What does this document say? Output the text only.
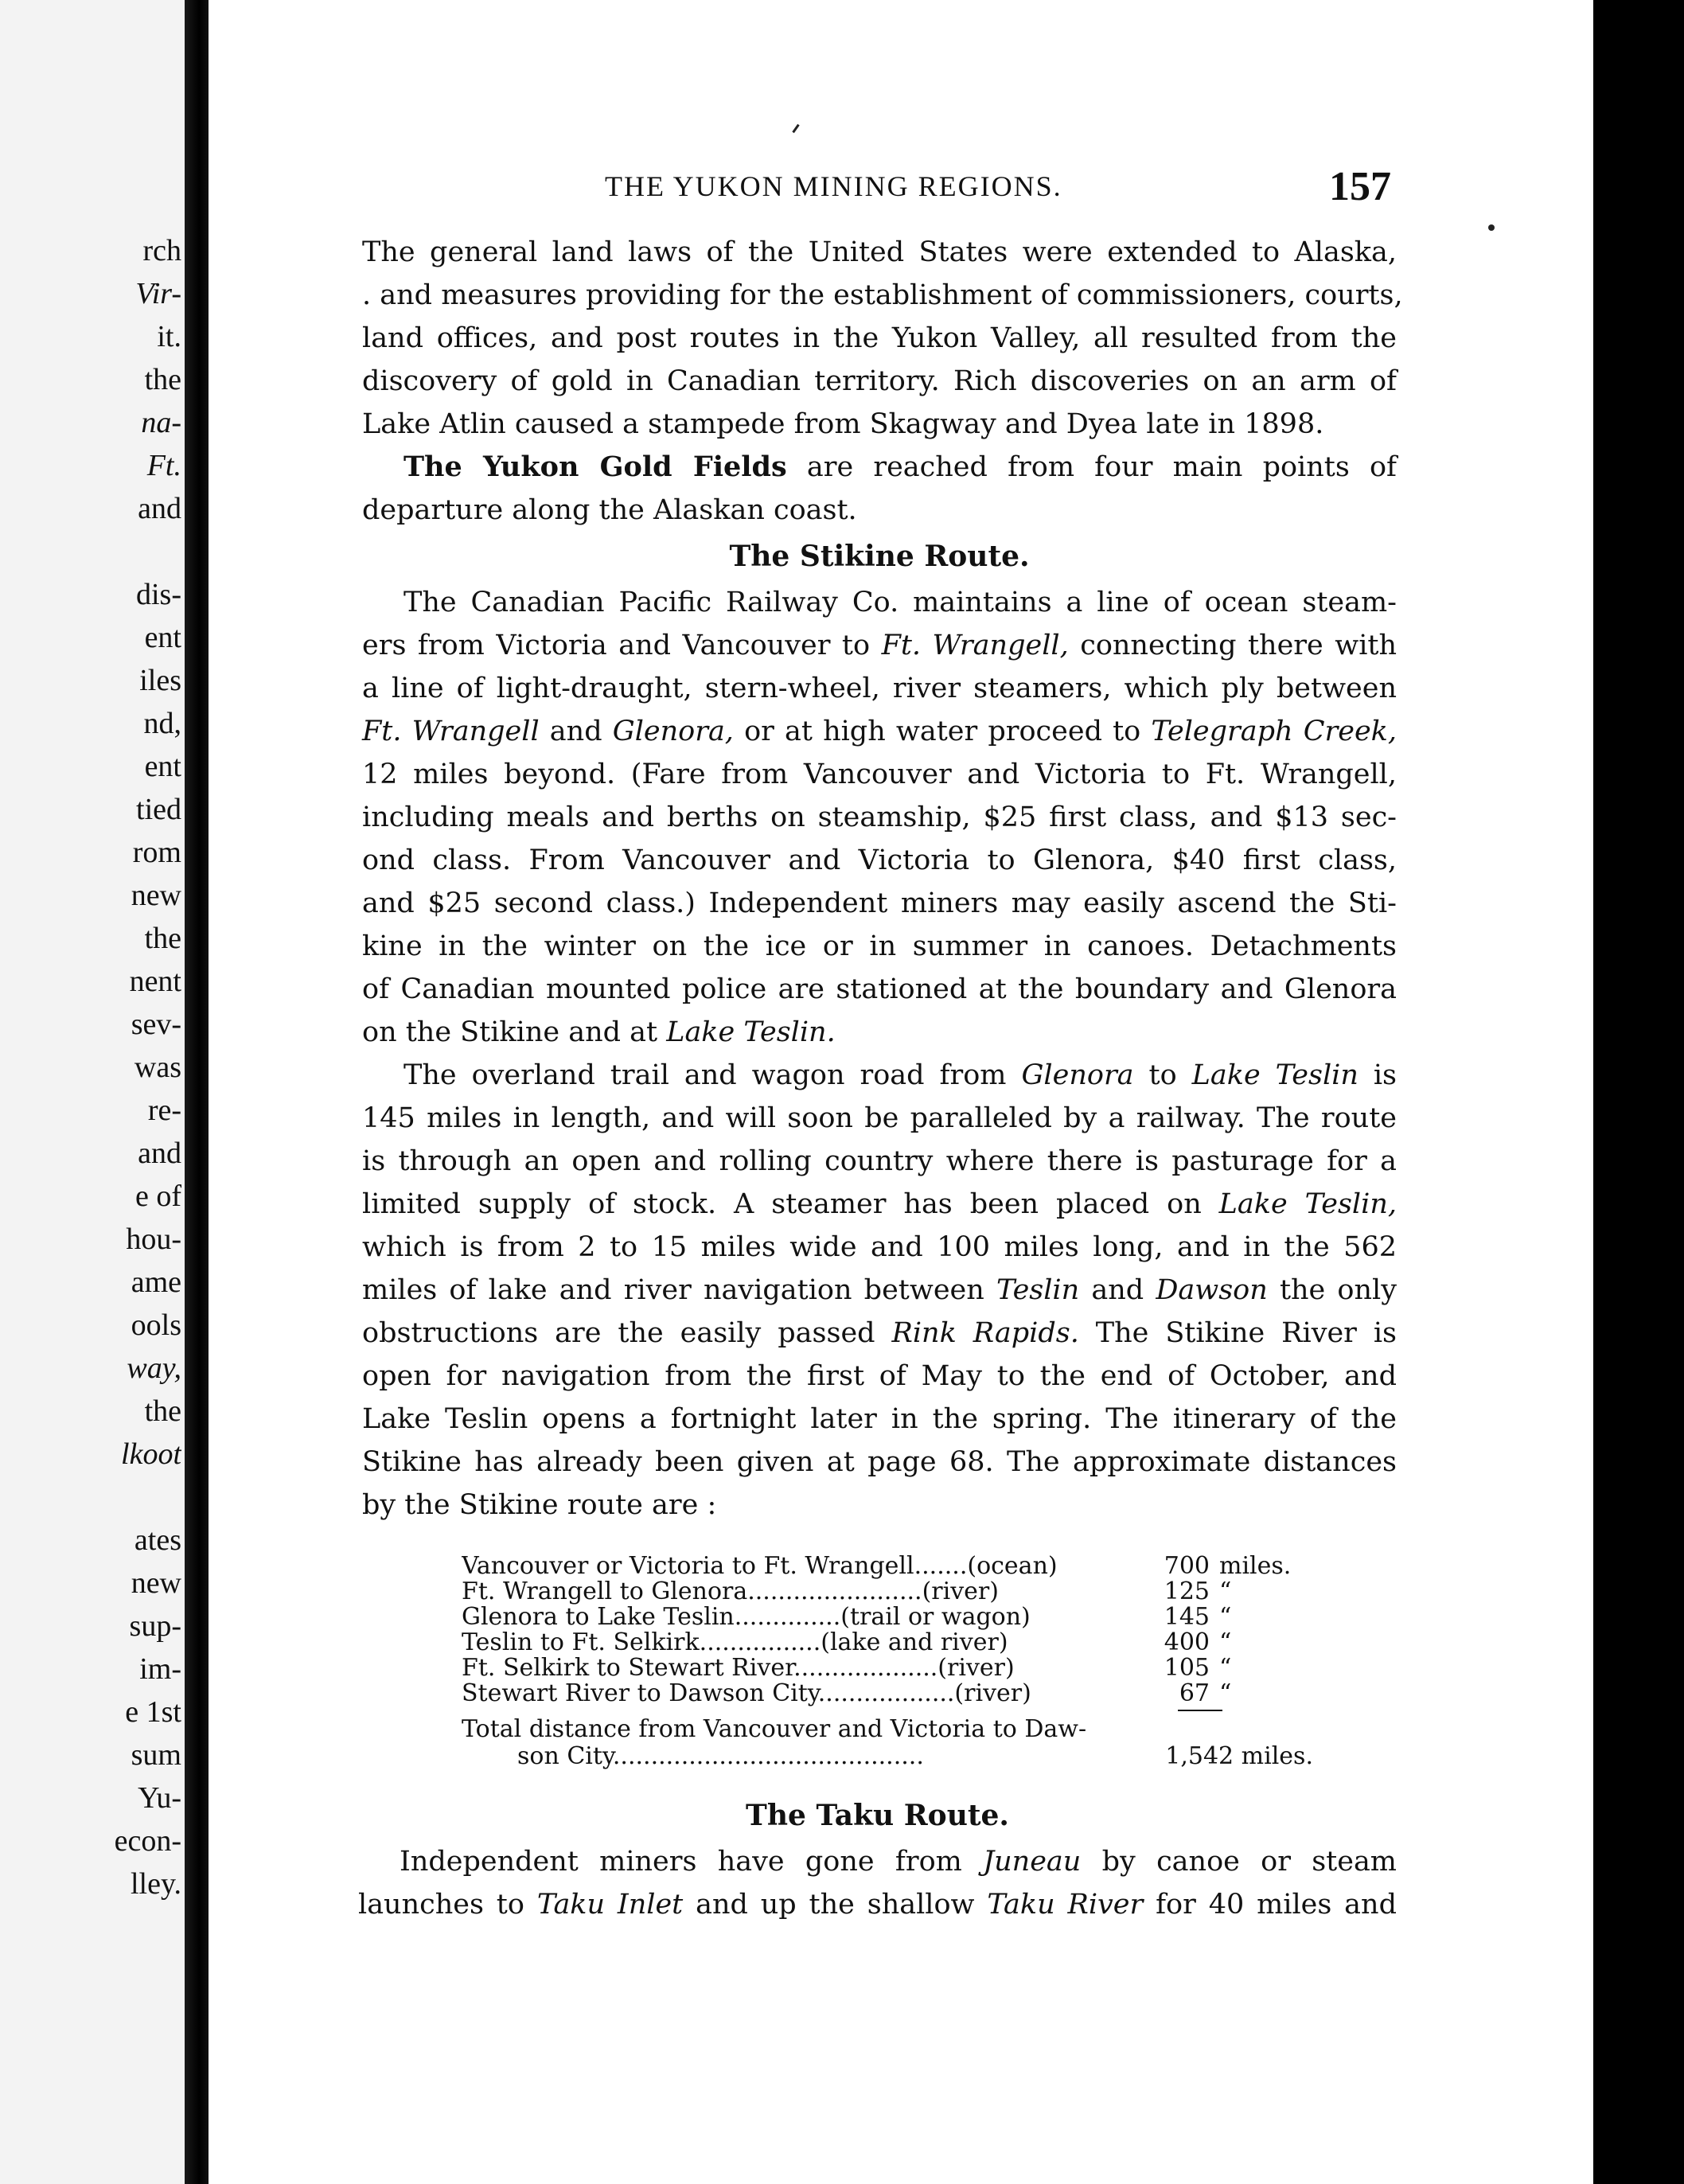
rch
Vir-
it.
the
na-
Ft.
and
dis-
ent
iles
nd,
ent
tied
rom
new
the
nent
sev-
was
re-
and
e of
hou-
ame
ools
way,
the
lkoot
ates
new
sup-
im-
e 1st
sum
Yu-
econ-
lley.
THE YUKON MINING REGIONS.	157
The general land laws of the United States were extended to Alaska,
. and measures providing for the establishment of commissioners, courts,
land offices, and post routes in the Yukon Valley, all resulted from the
discovery of gold in Canadian territory. Rich discoveries on an arm of
Lake Atlin caused a stampede from Skagway and Dyea late in 1898.
The Yukon Gold Fields are reached from four main points of
departure along the Alaskan coast.
The Stikine Route.
The Canadian Pacific Railway Co. maintains a line of ocean steam-
ers from Victoria and Vancouver to Ft. Wrangell, connecting there with
a line of light-draught, stern-wheel, river steamers, which ply between
Ft. Wrangell and Glenora, or at high water proceed to Telegraph Creek,
12 miles beyond. (Fare from Vancouver and Victoria to Ft. Wrangell,
including meals and berths on steamship, $25 first class, and $13 sec-
ond class. From Vancouver and Victoria to Glenora, $40 first class,
and $25 second class.) Independent miners may easily ascend the Sti-
kine in the winter on the ice or in summer in canoes. Detachments
of Canadian mounted police are stationed at the boundary and Glenora
on the Stikine and at Lake Teslin.
The overland trail and wagon road from Glenora to Lake Teslin is
145 miles in length, and will soon be paralleled by a railway. The route
is through an open and rolling country where there is pasturage for a
limited supply of stock. A steamer has been placed on Lake Teslin,
which is from 2 to 15 miles wide and 100 miles long, and in the 562
miles of lake and river navigation between Teslin and Dawson the only
obstructions are the easily passed Rink Rapids. The Stikine River is
open for navigation from the first of May to the end of October, and
Lake Teslin opens a fortnight later in the spring. The itinerary of the
Stikine has already been given at page 68. The approximate distances
by the Stikine route are :
Vancouver or Victoria to Ft. Wrangell.......(ocean)	700 miles.
Ft. Wrangell to Glenora.......................(river)	125 “
Glenora to Lake Teslin..............(trail or wagon)	145 “
Teslin to Ft. Selkirk................(lake and river)	400 “
Ft. Selkirk to Stewart River...................(river)	105 “
Stewart River to Dawson City..................(river)	67 “
Total distance from Vancouver and Victoria to Daw-
son City.........................................	1,542 miles.
The Taku Route.
Independent miners have gone from Juneau by canoe or steam
launches to Taku Inlet and up the shallow Taku River for 40 miles and
